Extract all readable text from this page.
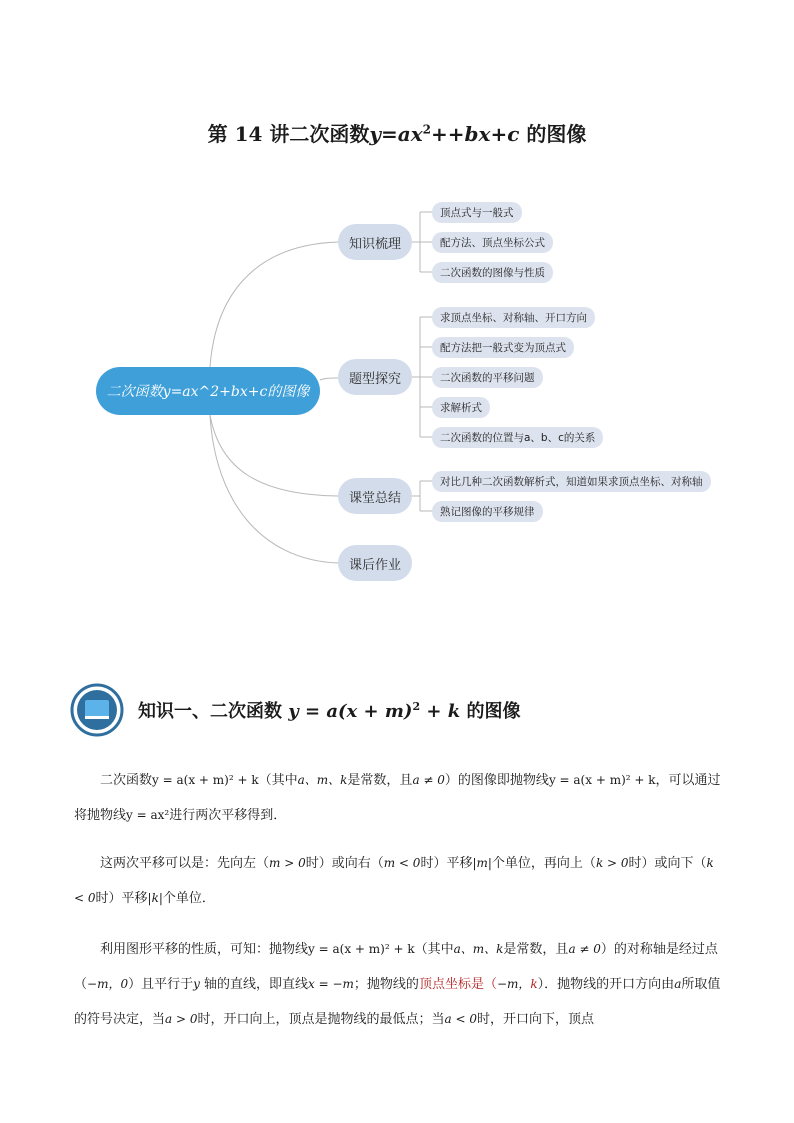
第 14 讲二次函数$y=ax^2++bx+c$ 的图像
二次函数y=ax^2+bx+c的图像
知识梳理
题型探究
课堂总结
课后作业
顶点式与一般式
配方法、顶点坐标公式
二次函数的图像与性质
求顶点坐标、对称轴、开口方向
配方法把一般式变为顶点式
二次函数的平移问题
求解析式
二次函数的位置与a、b、c的关系
对比几种二次函数解析式，知道如果求顶点坐标、对称轴
熟记图像的平移规律
知识一、二次函数 $y = a(x + m)^2 + k$ 的图像
二次函数y = a(x + m)² + k（其中a、m、k是常数，且a ≠ 0）的图像即抛物线y = a(x + m)² + k，可以通过将抛物线y = ax²进行两次平移得到．
这两次平移可以是：先向左（m > 0时）或向右（m < 0时）平移|m|个单位，再向上（k > 0时）或向下（k < 0时）平移|k|个单位．
利用图形平移的性质，可知：抛物线y = a(x + m)² + k（其中a、m、k是常数，且a ≠ 0）的对称轴是经过点（−m，0）且平行于y 轴的直线，即直线x = −m；抛物线的顶点坐标是（−m，k）．抛物线的开口方向由a所取值的符号决定，当a > 0时，开口向上，顶点是抛物线的最低点；当a < 0时，开口向下，顶点
